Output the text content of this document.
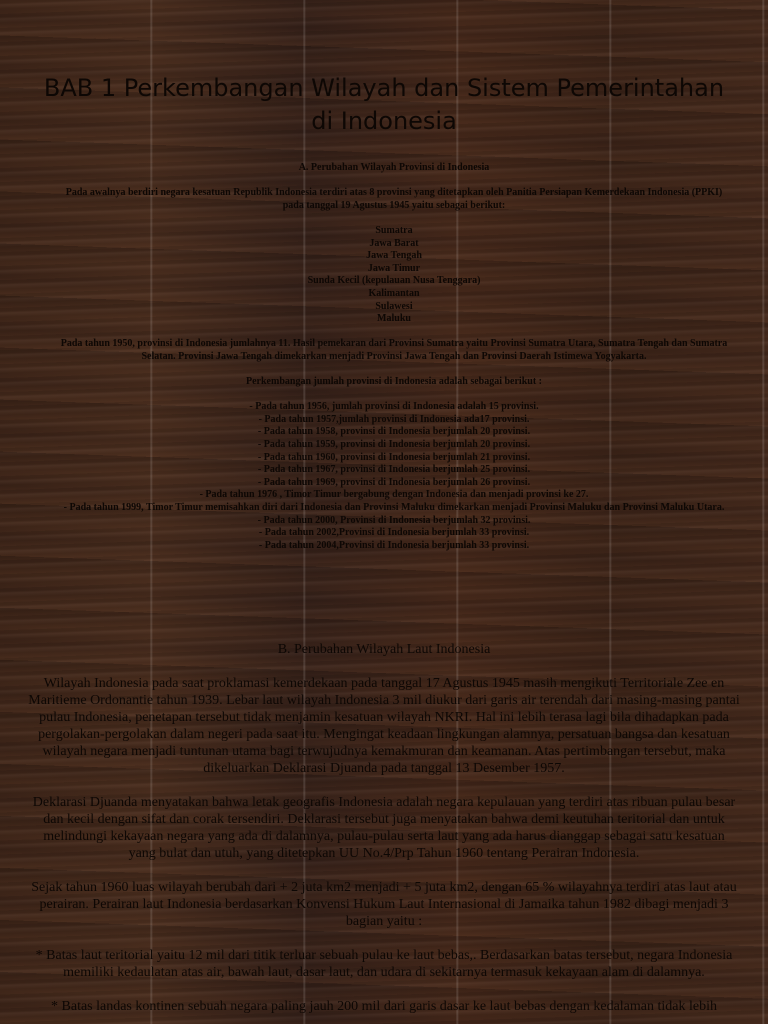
BAB 1 Perkembangan Wilayah dan Sistem Pemerintahan di Indonesia

A. Perubahan Wilayah Provinsi di Indonesia

Pada awalnya berdiri negara kesatuan Republik Indonesia terdiri atas 8 provinsi yang ditetapkan oleh Panitia Persiapan Kemerdekaan Indonesia (PPKI) pada tanggal 19 Agustus 1945 yaitu sebagai berikut:

Sumatra

Jawa Barat

Jawa Tengah

Jawa Timur

Sunda Kecil (kepulauan Nusa Tenggara)

Kalimantan

Sulawesi

Maluku

Pada tahun 1950, provinsi di Indonesia jumlahnya 11. Hasil pemekaran dari Provinsi Sumatra yaitu Provinsi Sumatra Utara, Sumatra Tengah dan Sumatra Selatan. Provinsi Jawa Tengah dimekarkan menjadi Provinsi Jawa Tengah dan Provinsi Daerah Istimewa Yogyakarta.

Perkembangan jumlah provinsi di Indonesia adalah sebagai berikut :

- Pada tahun 1956, jumlah provinsi di Indonesia adalah 15 provinsi.

- Pada tahun 1957,jumlah provinsi di Indonesia ada17 provinsi.

- Pada tahun 1958, provinsi di Indonesia berjumlah 20 provinsi.

- Pada tahun 1959, provinsi di Indonesia berjumlah 20 provinsi.

- Pada tahun 1960, provinsi di Indonesia berjumlah 21 provinsi.

- Pada tahun 1967, provinsi di Indonesia berjumlah 25 provinsi.

- Pada tahun 1969, provinsi di Indonesia berjumlah 26 provinsi.

- Pada tahun 1976 , Timor Timur bergabung dengan Indonesia dan menjadi provinsi ke 27.

- Pada tahun 1999, Timor Timur memisahkan diri dari Indonesia dan Provinsi Maluku dimekarkan menjadi Provinsi Maluku dan Provinsi Maluku Utara.

- Pada tahun 2000, Provinsi di Indonesia berjumlah 32 provinsi.

- Pada tahun 2002,Provinsi di Indonesia berjumlah 33 provinsi.

- Pada tahun 2004,Provinsi di Indonesia berjumlah 33 provinsi.

B. Perubahan Wilayah Laut Indonesia

Wilayah Indonesia pada saat proklamasi kemerdekaan pada tanggal 17 Agustus 1945 masih mengikuti Territoriale Zee en Maritieme Ordonantie tahun 1939. Lebar laut wilayah Indonesia 3 mil diukur dari garis air terendah dari masing-masing pantai pulau Indonesia, penetapan tersebut tidak menjamin kesatuan wilayah NKRI. Hal ini lebih terasa lagi bila dihadapkan pada pergolakan-pergolakan dalam negeri pada saat itu. Mengingat keadaan lingkungan alamnya, persatuan bangsa dan kesatuan wilayah negara menjadi tuntunan utama bagi terwujudnya kemakmuran dan keamanan. Atas pertimbangan tersebut, maka dikeluarkan Deklarasi Djuanda pada tanggal 13 Desember 1957.

Deklarasi Djuanda menyatakan bahwa letak geografis Indonesia adalah negara kepulauan yang terdiri atas ribuan pulau besar dan kecil dengan sifat dan corak tersendiri. Deklarasi tersebut juga menyatakan bahwa demi keutuhan teritorial dan untuk melindungi kekayaan negara yang ada di dalamnya, pulau-pulau serta laut yang ada harus dianggap sebagai satu kesatuan yang bulat dan utuh, yang ditetepkan UU No.4/Prp Tahun 1960 tentang Perairan Indonesia.

Sejak tahun 1960 luas wilayah berubah dari + 2 juta km2 menjadi + 5 juta km2, dengan 65 % wilayahnya terdiri atas laut atau perairan. Perairan laut Indonesia berdasarkan Konvensi Hukum Laut Internasional di Jamaika tahun 1982 dibagi menjadi 3 bagian yaitu :

* Batas laut teritorial yaitu 12 mil dari titik terluar sebuah pulau ke laut bebas,. Berdasarkan batas tersebut, negara Indonesia memiliki kedaulatan atas air, bawah laut, dasar laut, dan udara di sekitarnya termasuk kekayaan alam di dalamnya.

* Batas landas kontinen sebuah negara paling jauh 200 mil dari garis dasar ke laut bebas dengan kedalaman tidak lebih
